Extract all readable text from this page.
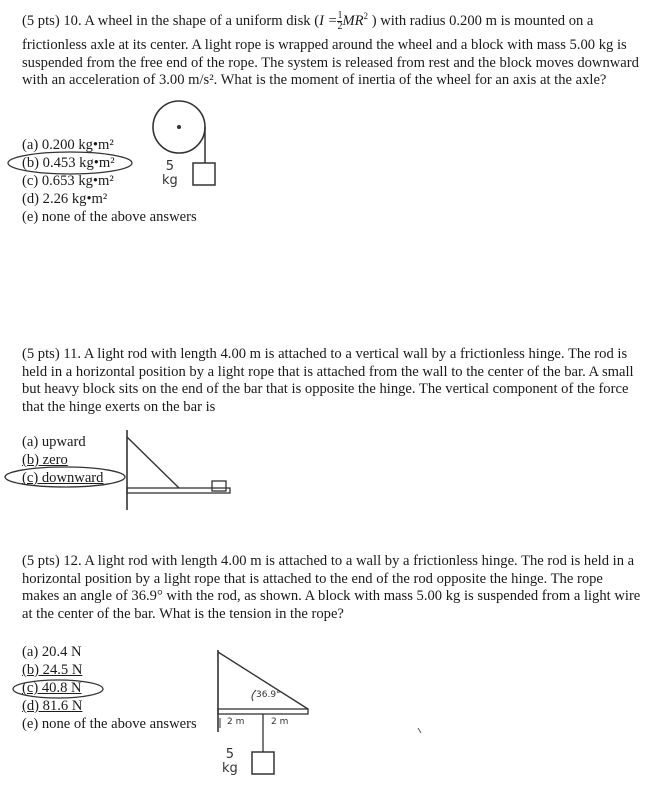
(5 pts) 10. A wheel in the shape of a uniform disk ($I = \frac{1}{2} MR^2$ ) with radius 0.200 m is mounted on a

frictionless axle at its center. A light rope is wrapped around the wheel and a block with mass 5.00 kg is suspended from the free end of the rope. The system is released from rest and the block moves downward with an acceleration of 3.00 m/s². What is the moment of inertia of the wheel for an axis at the axle?

(a) 0.200 kg•m²
(b) 0.453 kg•m²
(c) 0.653 kg•m²
(d) 2.26 kg•m²
(e) none of the above answers
5
kg

(5 pts) 11. A light rod with length 4.00 m is attached to a vertical wall by a frictionless hinge. The rod is held in a horizontal position by a light rope that is attached from the wall to the center of the bar. A small but heavy block sits on the end of the bar that is opposite the hinge. The vertical component of the force that the hinge exerts on the bar is

(a) upward
(b) zero
(c) downward

(5 pts) 12. A light rod with length 4.00 m is attached to a wall by a frictionless hinge. The rod is held in a horizontal position by a light rope that is attached to the end of the rod opposite the hinge. The rope makes an angle of 36.9° with the rod, as shown. A block with mass 5.00 kg is suspended from a light wire at the center of the bar. What is the tension in the rope?

(a) 20.4 N
(b) 24.5 N
(c) 40.8 N
(d) 81.6 N
(e) none of the above answers
36.9°
2 m	2 m
5
kg
